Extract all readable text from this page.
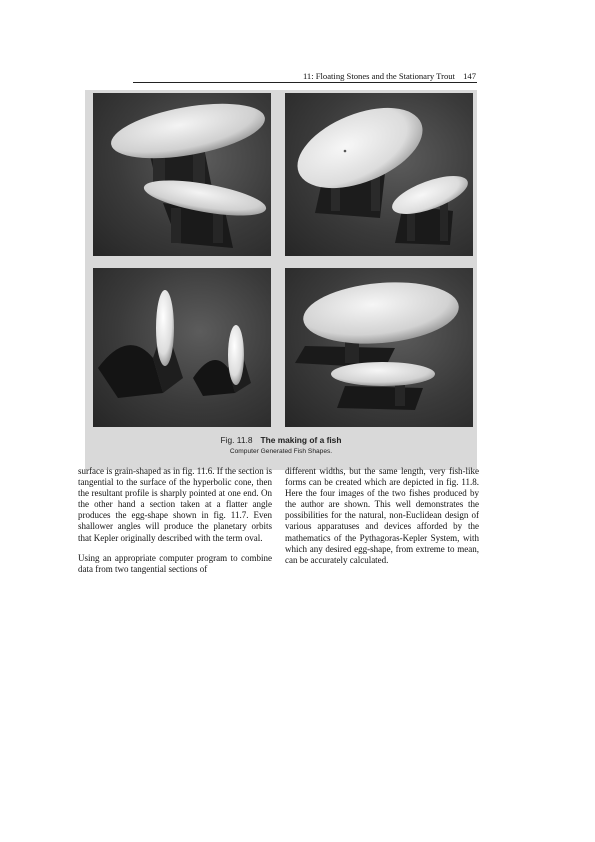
11: Floating Stones and the Stationary Trout 147
Fig. 11.8 The making of a fish
Computer Generated Fish Shapes.

surface is grain-shaped as in fig. 11.6. If the section is tangential to the surface of the hyperbolic cone, then the resultant profile is sharply pointed at one end. On the other hand a section taken at a flatter angle produces the egg-shape shown in fig. 11.7. Even shallower angles will produce the planetary orbits that Kepler originally described with the term oval.

Using an appropriate computer program to combine data from two tangential sections of

different widths, but the same length, very fish-like forms can be created which are depicted in fig. 11.8. Here the four images of the two fishes produced by the author are shown. This well demonstrates the possibilities for the natural, non-Euclidean design of various apparatuses and devices afforded by the mathematics of the Pythagoras-Kepler System, with which any desired egg-shape, from extreme to mean, can be accurately calculated.
